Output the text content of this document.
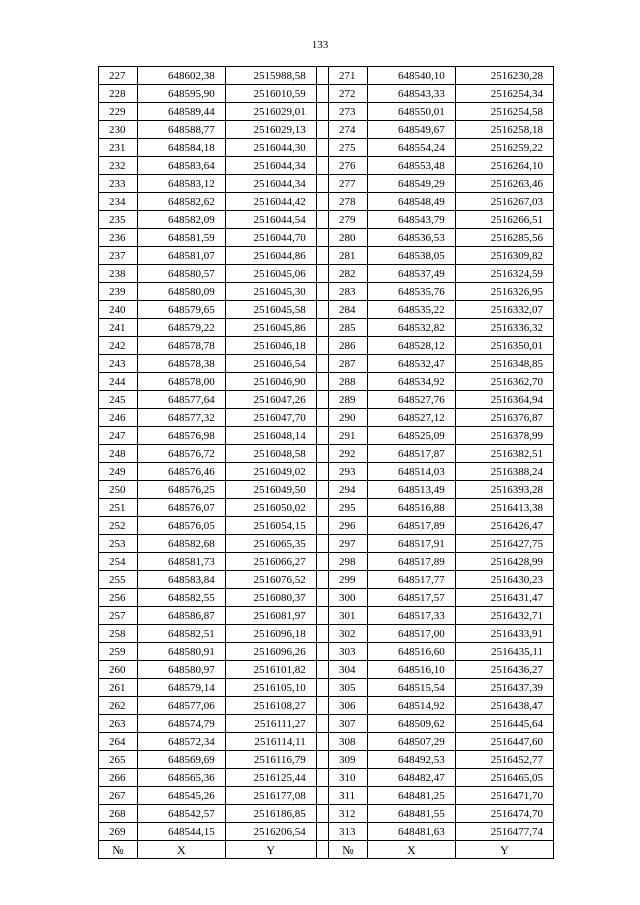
133
227	648602,38	2515988,58		271	648540,10	2516230,28
228	648595,90	2516010,59		272	648543,33	2516254,34
229	648589,44	2516029,01		273	648550,01	2516254,58
230	648588,77	2516029,13		274	648549,67	2516258,18
231	648584,18	2516044,30		275	648554,24	2516259,22
232	648583,64	2516044,34		276	648553,48	2516264,10
233	648583,12	2516044,34		277	648549,29	2516263,46
234	648582,62	2516044,42		278	648548,49	2516267,03
235	648582,09	2516044,54		279	648543,79	2516266,51
236	648581,59	2516044,70		280	648536,53	2516285,56
237	648581,07	2516044,86		281	648538,05	2516309,82
238	648580,57	2516045,06		282	648537,49	2516324,59
239	648580,09	2516045,30		283	648535,76	2516326,95
240	648579,65	2516045,58		284	648535,22	2516332,07
241	648579,22	2516045,86		285	648532,82	2516336,32
242	648578,78	2516046,18		286	648528,12	2516350,01
243	648578,38	2516046,54		287	648532,47	2516348,85
244	648578,00	2516046,90		288	648534,92	2516362,70
245	648577,64	2516047,26		289	648527,76	2516364,94
246	648577,32	2516047,70		290	648527,12	2516376,87
247	648576,98	2516048,14		291	648525,09	2516378,99
248	648576,72	2516048,58		292	648517,87	2516382,51
249	648576,46	2516049,02		293	648514,03	2516388,24
250	648576,25	2516049,50		294	648513,49	2516393,28
251	648576,07	2516050,02		295	648516,88	2516413,38
252	648576,05	2516054,15		296	648517,89	2516426,47
253	648582,68	2516065,35		297	648517,91	2516427,75
254	648581,73	2516066,27		298	648517,89	2516428,99
255	648583,84	2516076,52		299	648517,77	2516430,23
256	648582,55	2516080,37		300	648517,57	2516431,47
257	648586,87	2516081,97		301	648517,33	2516432,71
258	648582,51	2516096,18		302	648517,00	2516433,91
259	648580,91	2516096,26		303	648516,60	2516435,11
260	648580,97	2516101,82		304	648516,10	2516436,27
261	648579,14	2516105,10		305	648515,54	2516437,39
262	648577,06	2516108,27		306	648514,92	2516438,47
263	648574,79	2516111,27		307	648509,62	2516445,64
264	648572,34	2516114,11		308	648507,29	2516447,60
265	648569,69	2516116,79		309	648492,53	2516452,77
266	648565,36	2516125,44		310	648482,47	2516465,05
267	648545,26	2516177,08		311	648481,25	2516471,70
268	648542,57	2516186,85		312	648481,55	2516474,70
269	648544,15	2516206,54		313	648481,63	2516477,74
№	X	Y		№	X	Y
